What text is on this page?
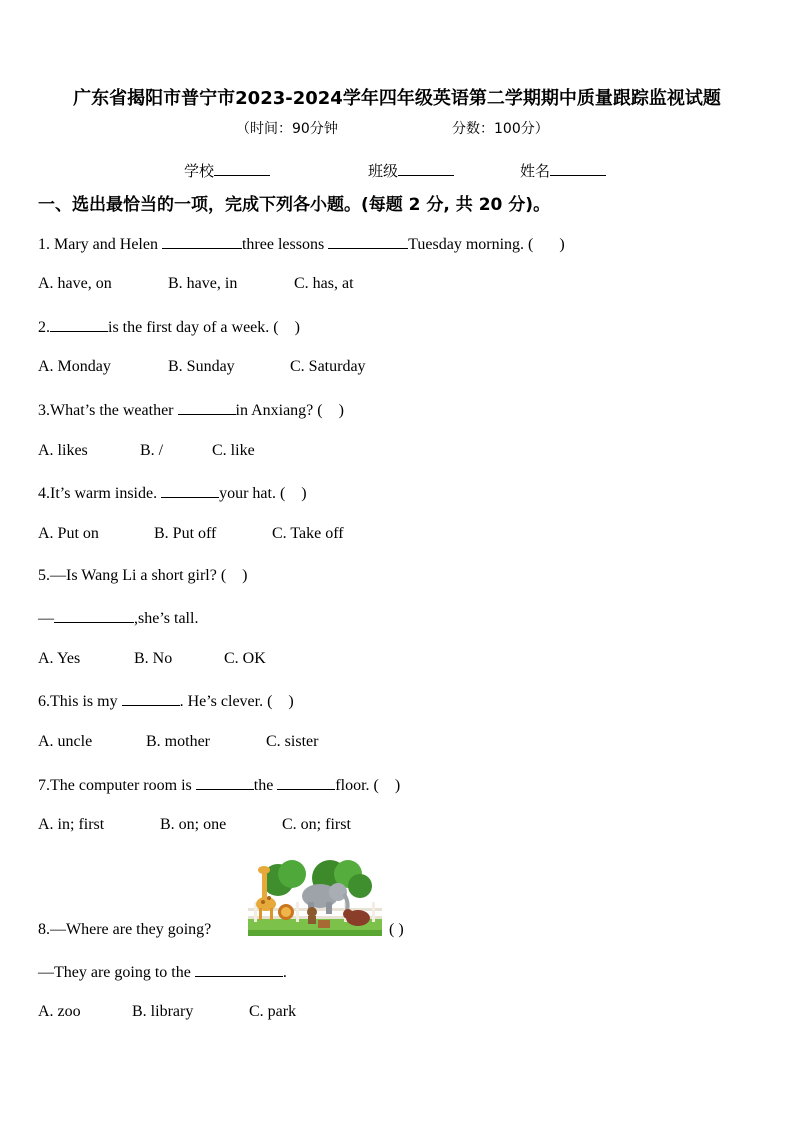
广东省揭阳市普宁市2023-2024学年四年级英语第二学期期中质量跟踪监视试题
（时间：90分钟	分数：100分）
学校	班级	姓名
一、选出最恰当的一项，完成下列各小题。(每题 2 分, 共 20 分)。
1. Mary and Helen	three lessons	Tuesday morning. ( )
A. have, on	B. have, in	C. has, at
2.	is the first day of a week. ( )
A. Monday	B. Sunday	C. Saturday
3.What’s the weather	in Anxiang? ( )
A. likes	B. /	C. like
4.It’s warm inside.	your hat. ( )
A. Put on	B. Put off	C. Take off
5.—Is Wang Li a short girl? ( )
—	,she’s tall.
A. Yes	B. No	C. OK
6.This is my	. He’s clever. ( )
A. uncle	B. mother	C. sister
7.The computer room is	the	floor. ( )
A. in; first	B. on; one	C. on; first
8.—Where are they going?	( )
—They are going to the	.
A. zoo	B. library	C. park
